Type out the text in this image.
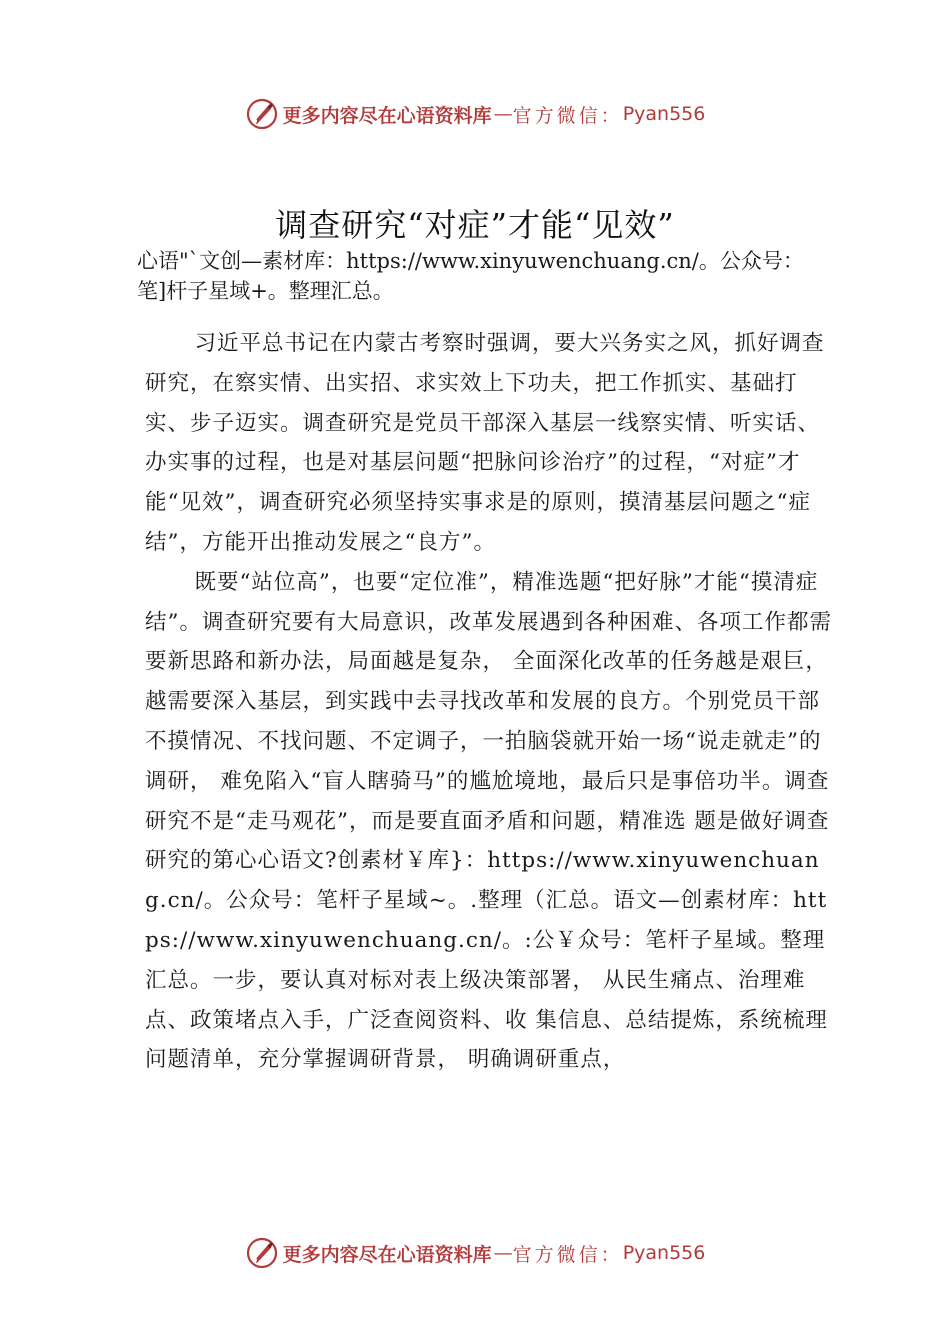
更多内容尽在心语资料库 — 官方微信： Pyan556
调查研究“对症”才能“见效”
心语"`文创—素材库：https://www.xinyuwenchuang.cn/。公众号：笔]杆子星域+。整理汇总。

习近平总书记在内蒙古考察时强调，要大兴务实之风，抓好调查研究，在察实情、出实招、求实效上下功夫，把工作抓实、基础打实、步子迈实。调查研究是党员干部深入基层一线察实情、听实话、办实事的过程，也是对基层问题“把脉问诊治疗”的过程，“对症”才能“见效”，调查研究必须坚持实事求是的原则，摸清基层问题之“症结”，方能开出推动发展之“良方”。

既要“站位高”，也要“定位准”，精准选题“把好脉”才能“摸清症结”。调查研究要有大局意识，改革发展遇到各种困难、各项工作都需要新思路和新办法，局面越是复杂， 全面深化改革的任务越是艰巨，越需要深入基层，到实践中去寻找改革和发展的良方。个别党员干部不摸情况、不找问题、不定调子，一拍脑袋就开始一场“说走就走”的调研， 难免陷入“盲人瞎骑马”的尴尬境地，最后只是事倍功半。调查研究不是“走马观花”，而是要直面矛盾和问题，精准选 题是做好调查研究的第心心语文?创素材￥库}：https://www.xinyuwenchuang.cn/。公众号：笔杆子星域~。.整理（汇总。语文—创素材库：https://www.xinyuwenchuang.cn/。:公￥众号：笔杆子星域。整理汇总。一步，要认真对标对表上级决策部署， 从民生痛点、治理难点、政策堵点入手，广泛查阅资料、收 集信息、总结提炼，系统梳理问题清单，充分掌握调研背景， 明确调研重点，

更多内容尽在心语资料库 — 官方微信： Pyan556
